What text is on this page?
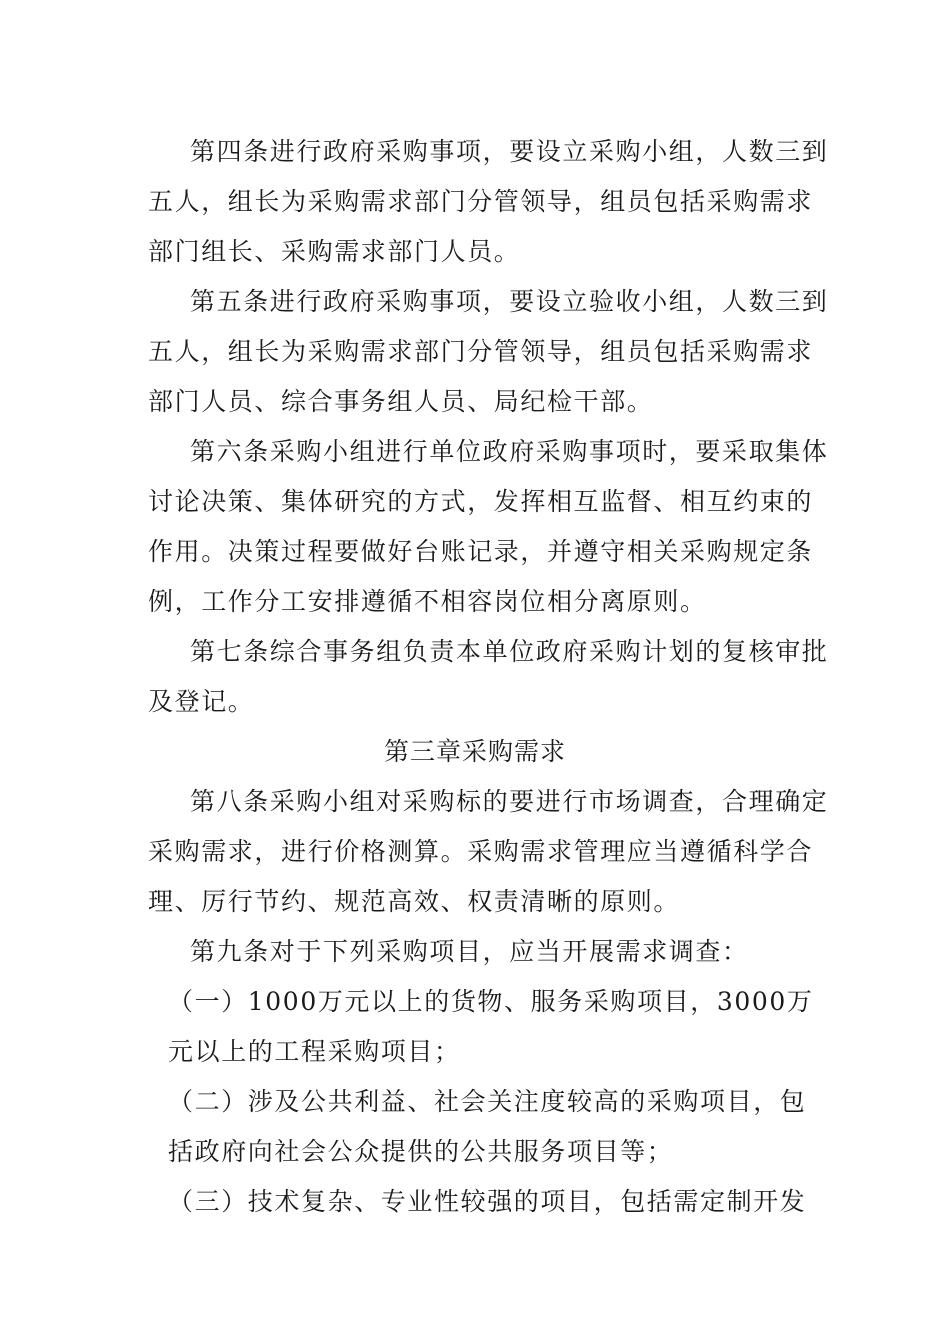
第四条进行政府采购事项，要设立采购小组，人数三到
五人，组长为采购需求部门分管领导，组员包括采购需求
部门组长、采购需求部门人员。
第五条进行政府采购事项，要设立验收小组，人数三到
五人，组长为采购需求部门分管领导，组员包括采购需求
部门人员、综合事务组人员、局纪检干部。
第六条采购小组进行单位政府采购事项时，要采取集体
讨论决策、集体研究的方式，发挥相互监督、相互约束的
作用。决策过程要做好台账记录，并遵守相关采购规定条
例，工作分工安排遵循不相容岗位相分离原则。
第七条综合事务组负责本单位政府采购计划的复核审批
及登记。
第三章采购需求
第八条采购小组对采购标的要进行市场调查，合理确定
采购需求，进行价格测算。采购需求管理应当遵循科学合
理、厉行节约、规范高效、权责清晰的原则。
第九条对于下列采购项目，应当开展需求调查：
（一）1000万元以上的货物、服务采购项目，3000万
元以上的工程采购项目；
（二）涉及公共利益、社会关注度较高的采购项目，包
括政府向社会公众提供的公共服务项目等；
（三）技术复杂、专业性较强的项目，包括需定制开发
